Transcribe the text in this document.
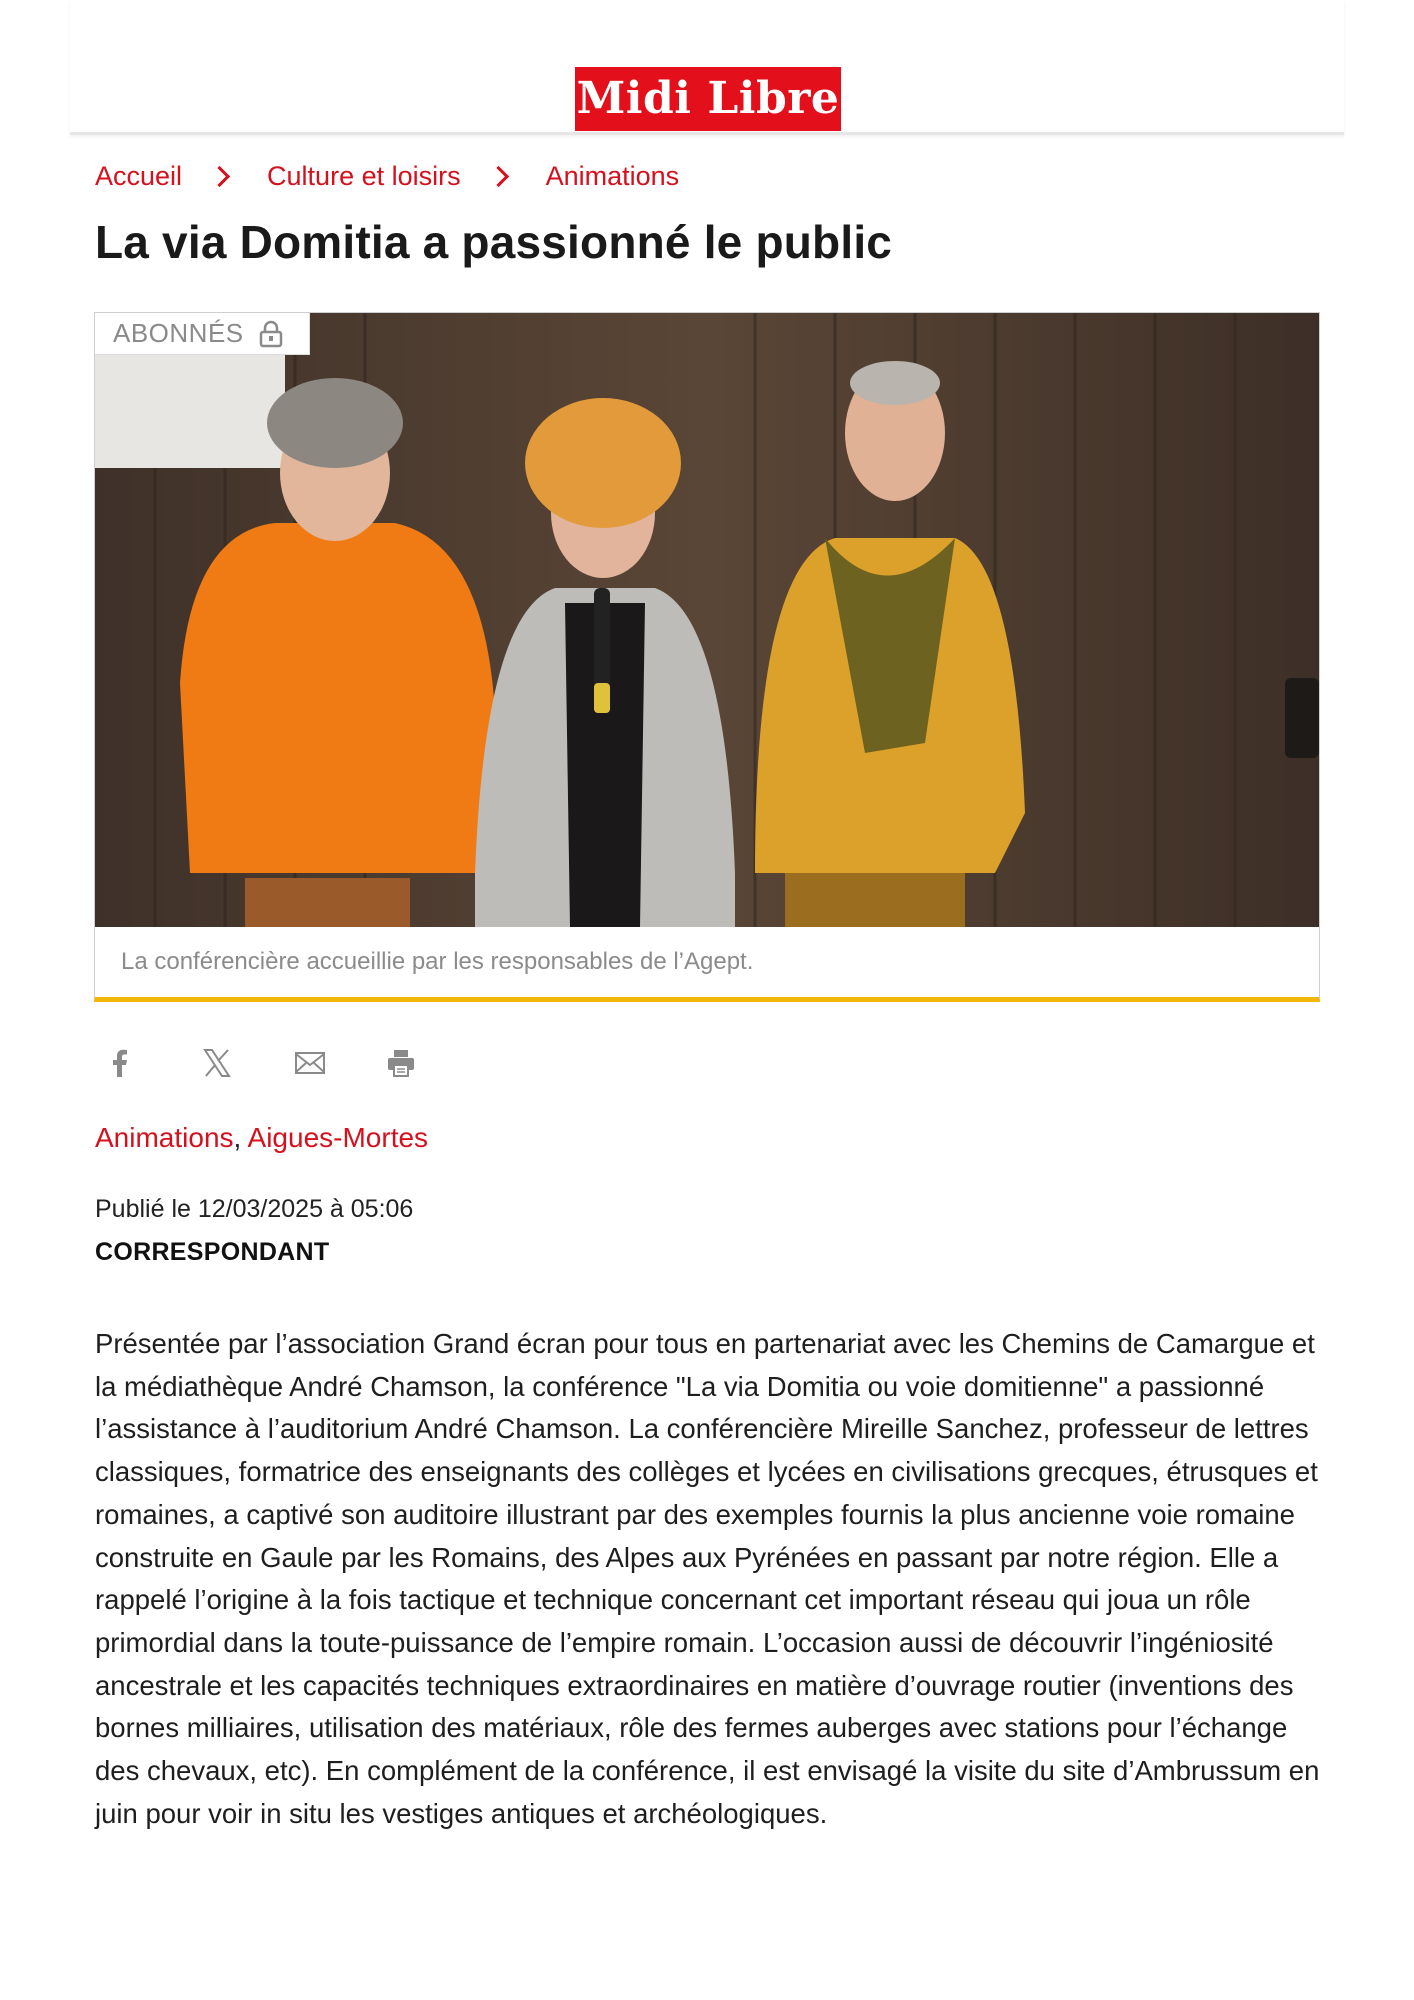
Midi Libre
Accueil	Culture et loisirs	Animations
La via Domitia a passionné le public
ABONNÉS
La conférencière accueillie par les responsables de l’Agept.
Animations, Aigues-Mortes
Publié le 12/03/2025 à 05:06
CORRESPONDANT

Présentée par l’association Grand écran pour tous en partenariat avec les Chemins de Camargue et la médiathèque André Chamson, la conférence "La via Domitia ou voie domitienne" a passionné l’assistance à l’auditorium André Chamson. La conférencière Mireille Sanchez, professeur de lettres classiques, formatrice des enseignants des collèges et lycées en civilisations grecques, étrusques et romaines, a captivé son auditoire illustrant par des exemples fournis la plus ancienne voie romaine construite en Gaule par les Romains, des Alpes aux Pyrénées en passant par notre région. Elle a rappelé l’origine à la fois tactique et technique concernant cet important réseau qui joua un rôle primordial dans la toute-puissance de l’empire romain. L’occasion aussi de découvrir l’ingéniosité ancestrale et les capacités techniques extraordinaires en matière d’ouvrage routier (inventions des bornes milliaires, utilisation des matériaux, rôle des fermes auberges avec stations pour l’échange des chevaux, etc). En complément de la conférence, il est envisagé la visite du site d’Ambrussum en juin pour voir in situ les vestiges antiques et archéologiques.
